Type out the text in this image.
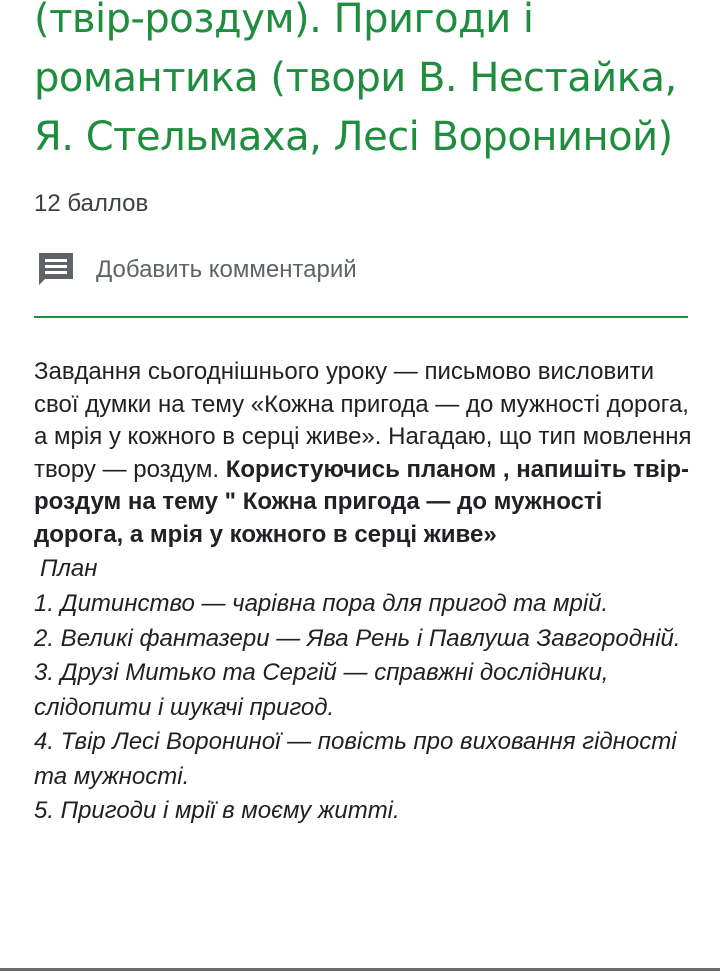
(твір-роздум). Пригоди і
романтика (твори В. Нестайка,
Я. Стельмаха, Лесі Ворониной)
12 баллов
Добавить комментарий

Завдання сьогоднішнього уроку — письмово висловити свої думки на тему «Кожна пригода — до мужності дорога, а мрія у кожного в серці живе». Нагадаю, що тип мовлення твору — роздум. Користуючись планом , напишіть твір-роздум на тему " Кожна пригода — до мужності дорога, а мрія у кожного в серці живе»

План

1. Дитинство — чарівна пора для пригод та мрій.
2. Великі фантазери — Ява Рень і Павлуша Завгородній.
3. Друзі Митько та Сергій — справжні дослідники, слідопити і шукачі пригод.
4. Твір Лесі Ворониної — повість про виховання гідності та мужності.
5. Пригоди і мрії в моєму житті.
